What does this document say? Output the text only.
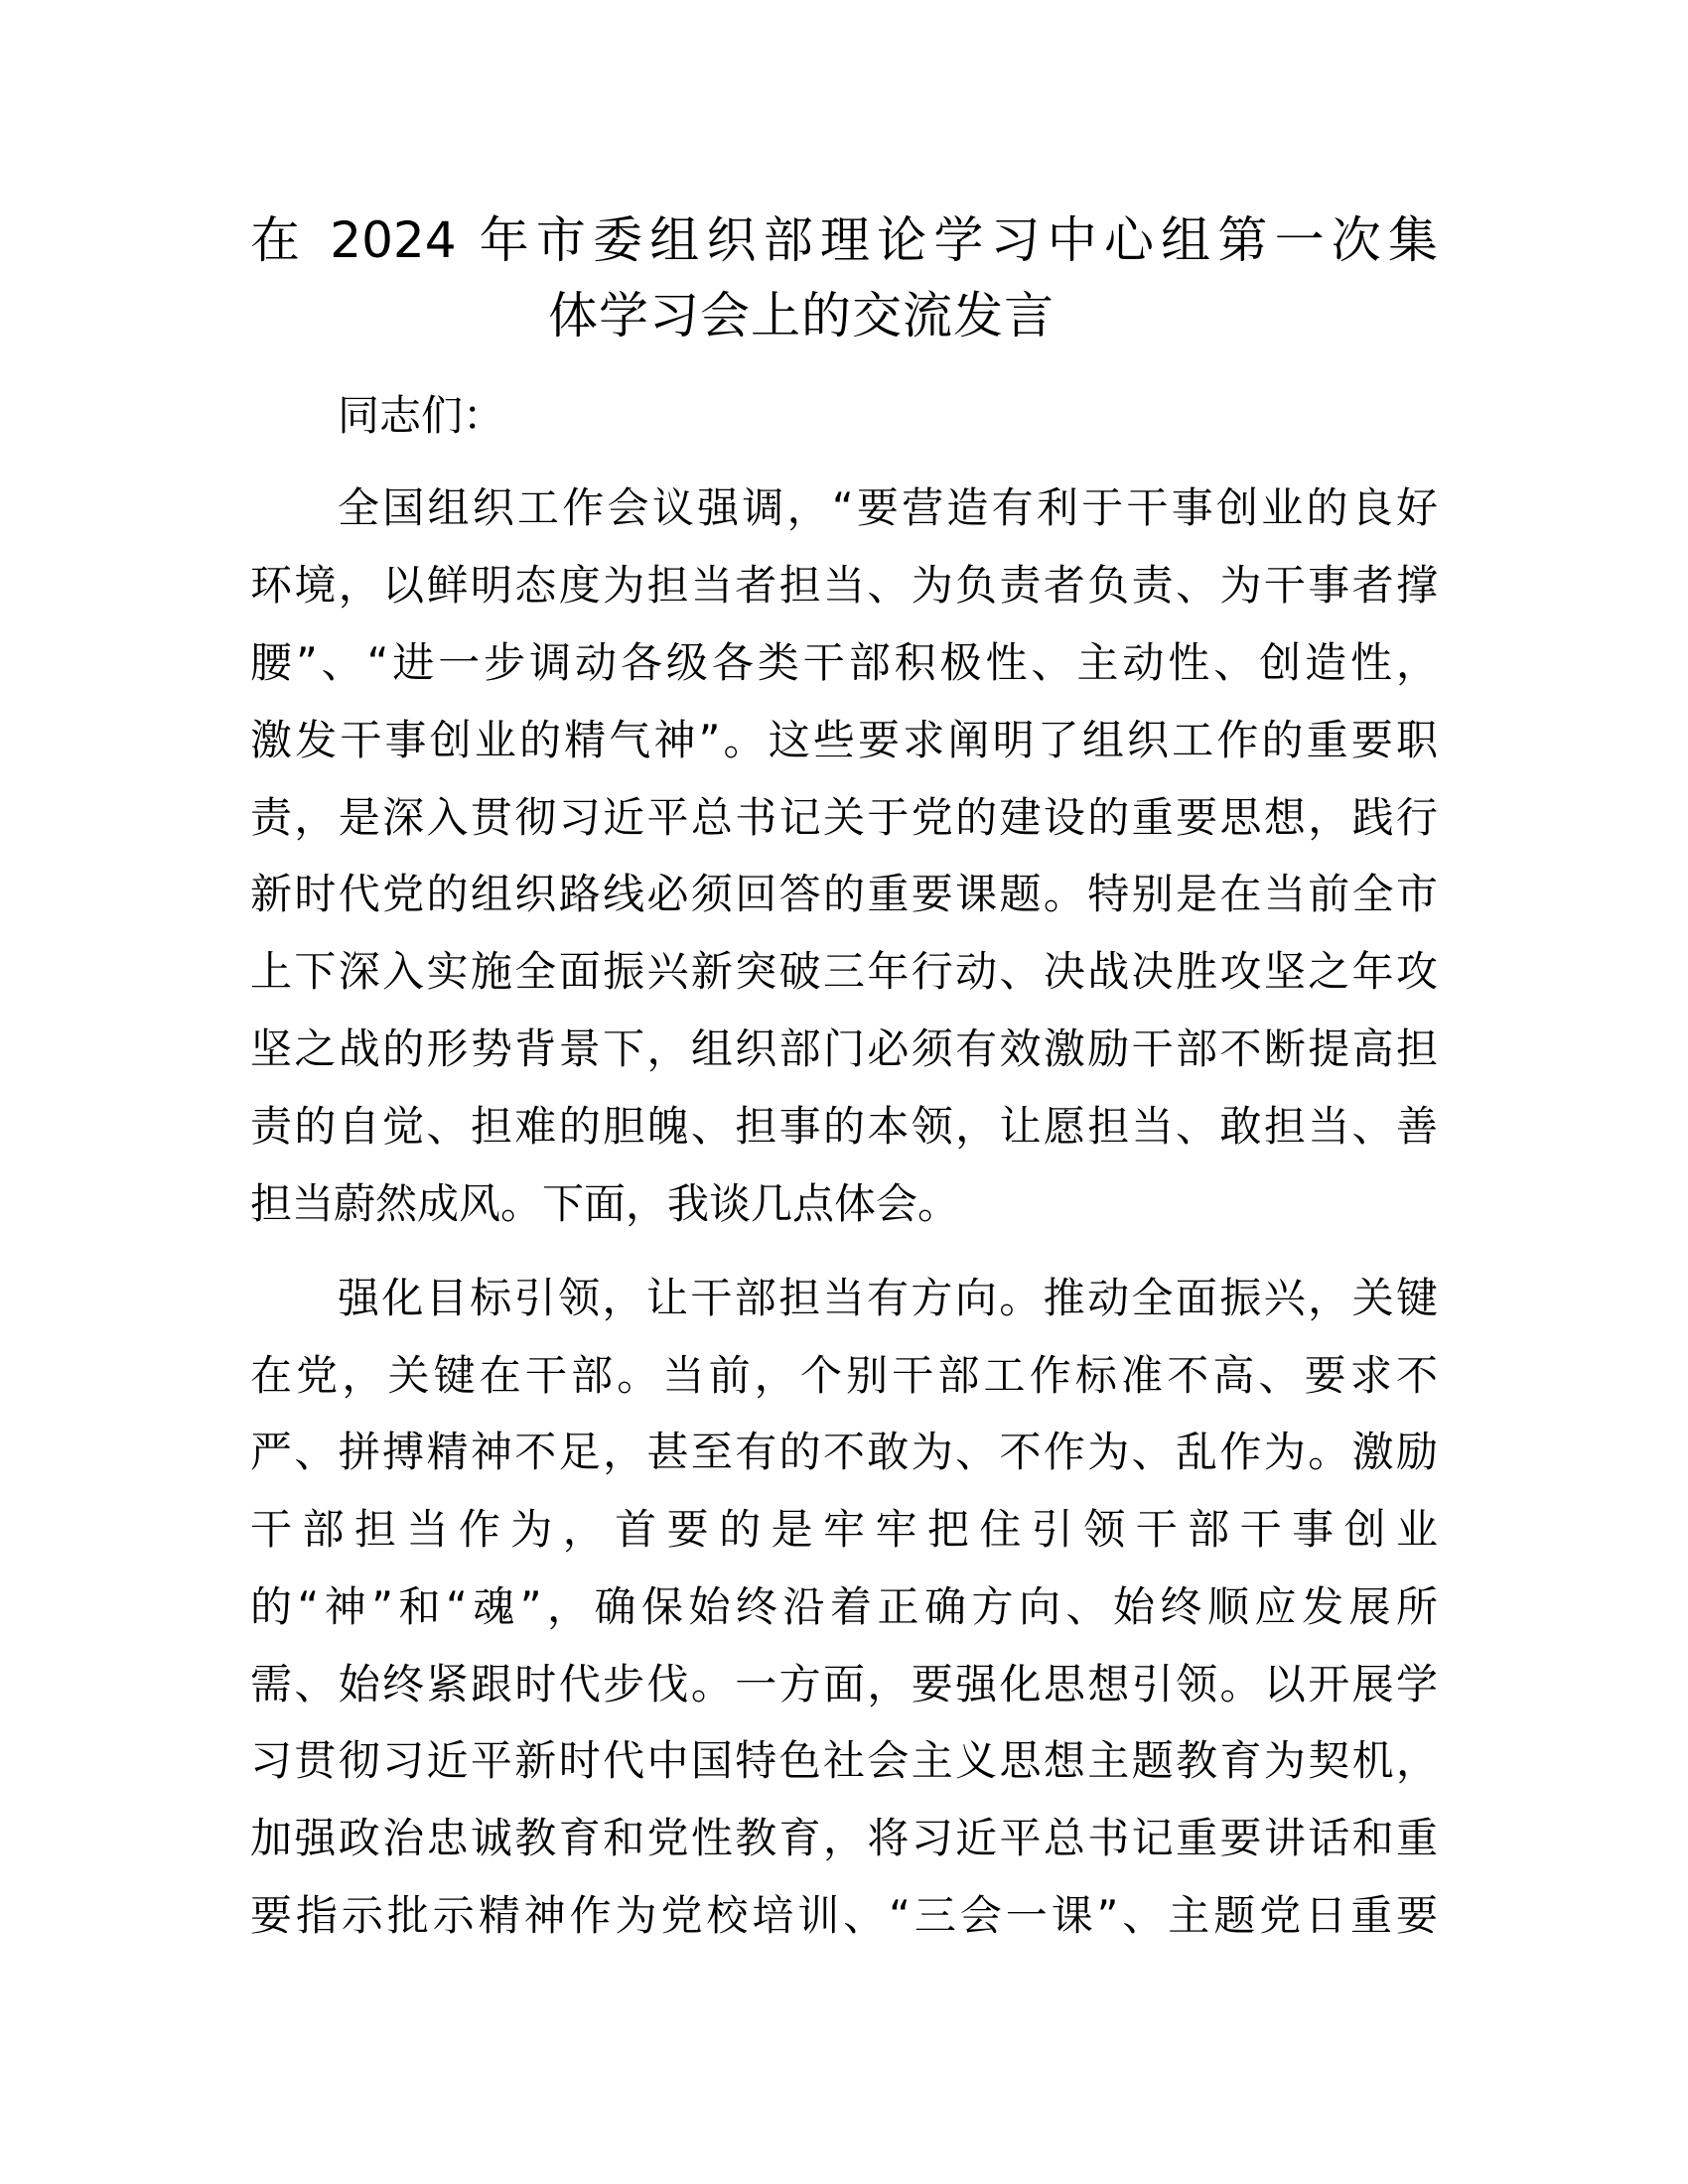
在 2024 年市委组织部理论学习中心组第一次集
体学习会上的交流发言
同志们：
全国组织工作会议强调，“要营造有利于干事创业的良好
环境，以鲜明态度为担当者担当、为负责者负责、为干事者撑
腰”、“进一步调动各级各类干部积极性、主动性、创造性，
激发干事创业的精气神”。这些要求阐明了组织工作的重要职
责，是深入贯彻习近平总书记关于党的建设的重要思想，践行
新时代党的组织路线必须回答的重要课题。特别是在当前全市
上下深入实施全面振兴新突破三年行动、决战决胜攻坚之年攻
坚之战的形势背景下，组织部门必须有效激励干部不断提高担
责的自觉、担难的胆魄、担事的本领，让愿担当、敢担当、善
担当蔚然成风。下面，我谈几点体会。
强化目标引领，让干部担当有方向。推动全面振兴，关键
在党，关键在干部。当前，个别干部工作标准不高、要求不
严、拼搏精神不足，甚至有的不敢为、不作为、乱作为。激励
干部担当作为，首要的是牢牢把住引领干部干事创业
的“神”和“魂”，确保始终沿着正确方向、始终顺应发展所
需、始终紧跟时代步伐。一方面，要强化思想引领。以开展学
习贯彻习近平新时代中国特色社会主义思想主题教育为契机，
加强政治忠诚教育和党性教育，将习近平总书记重要讲话和重
要指示批示精神作为党校培训、“三会一课”、主题党日重要
